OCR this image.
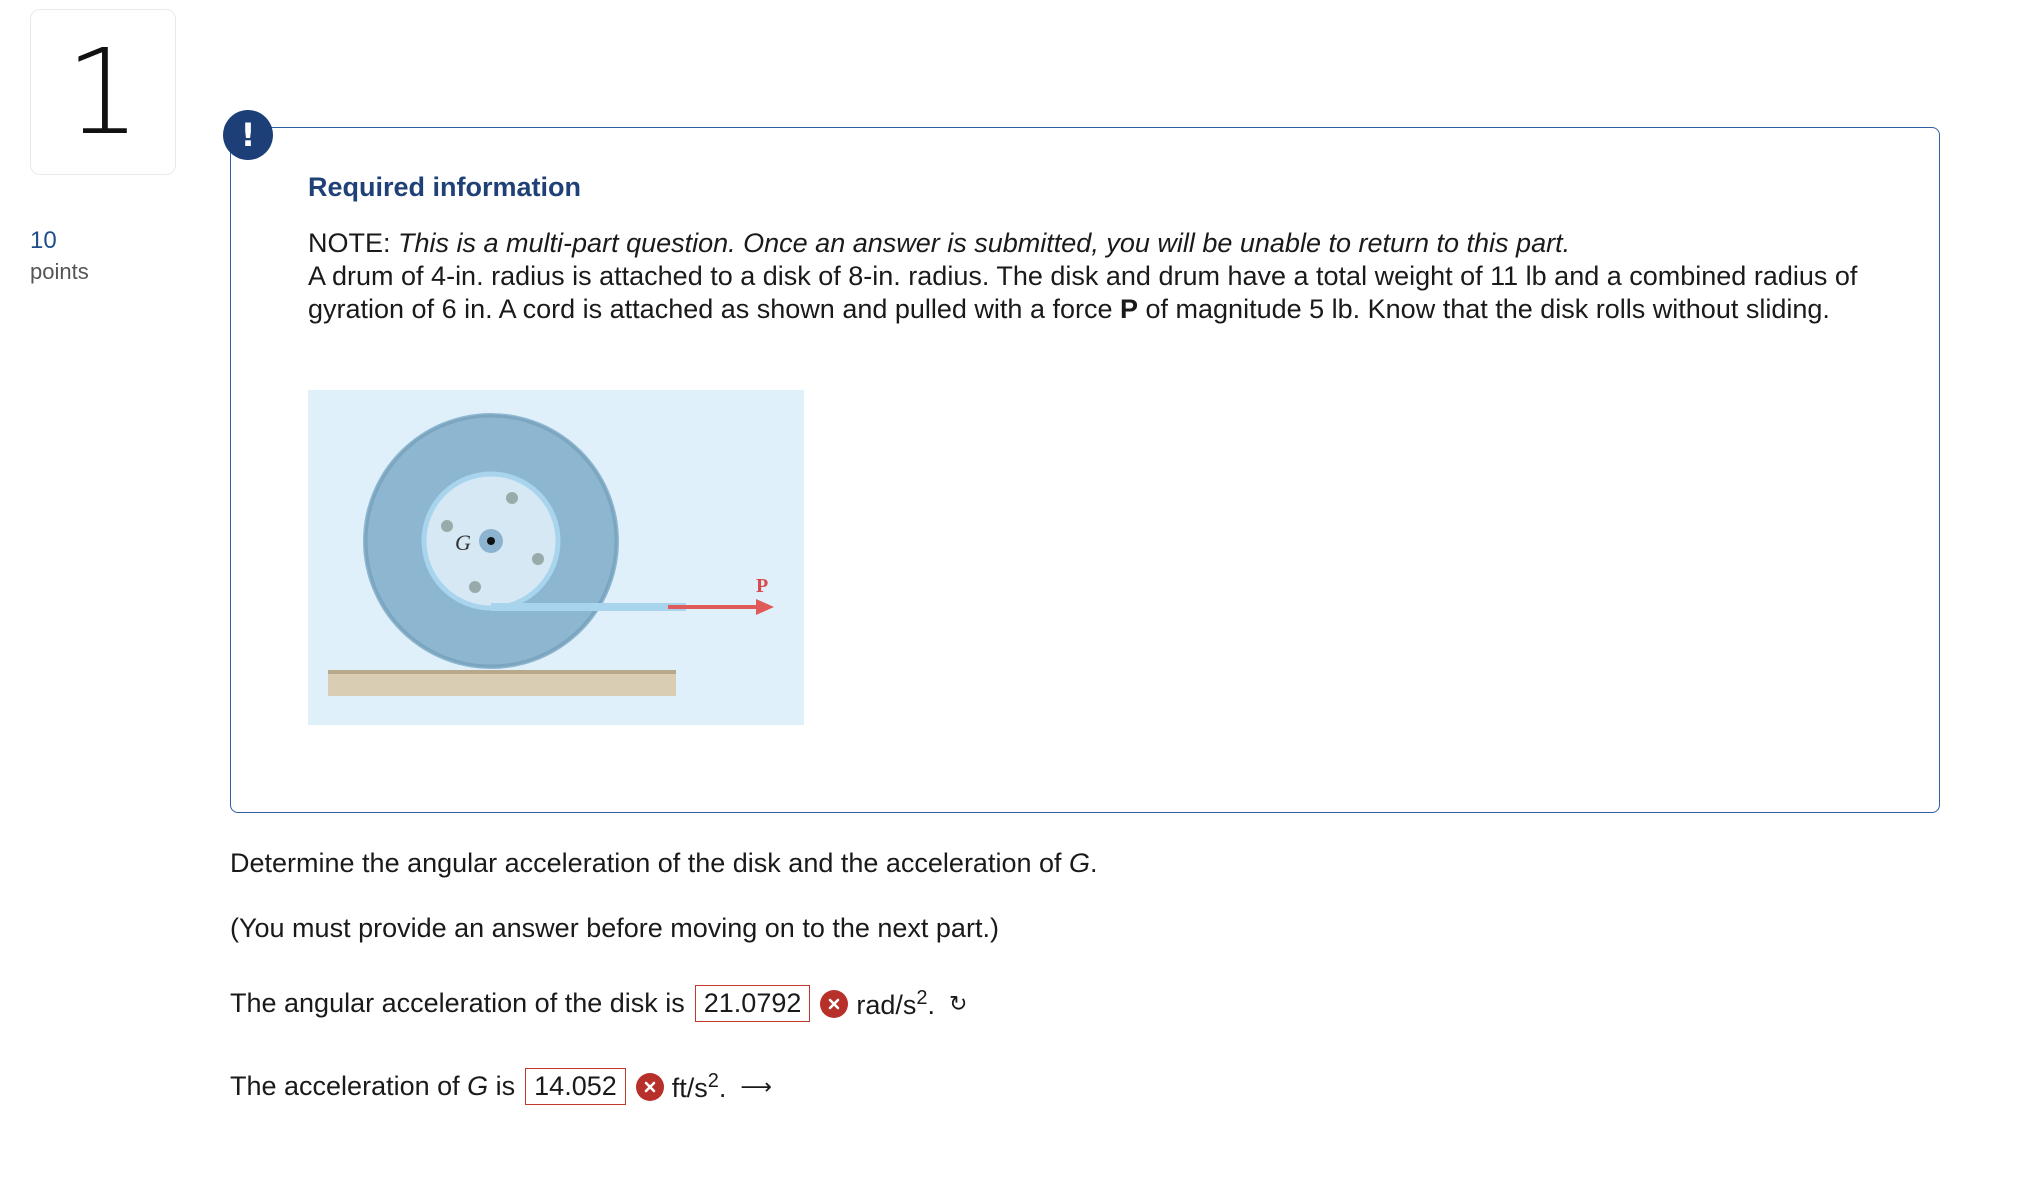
1
10
points
!
Required information
NOTE: This is a multi-part question. Once an answer is submitted, you will be unable to return to this part.
A drum of 4-in. radius is attached to a disk of 8-in. radius. The disk and drum have a total weight of 11 lb and a combined radius of gyration of 6 in. A cord is attached as shown and pulled with a force P of magnitude 5 lb. Know that the disk rolls without sliding.
P
G
Determine the angular acceleration of the disk and the acceleration of G.
(You must provide an answer before moving on to the next part.)
The angular acceleration of the disk is 21.0792	rad/$s^2$. ↻
The acceleration of G is 14.052	$ft/s^2$. ⟶
